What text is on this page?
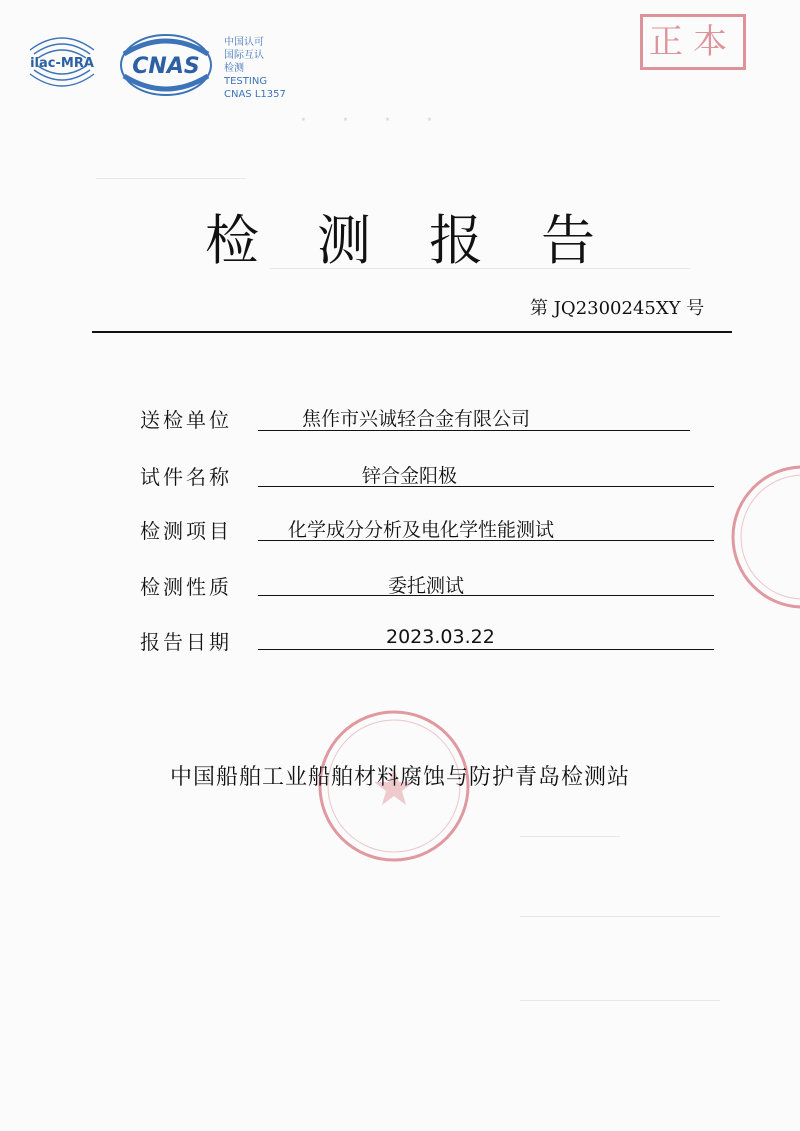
· · · ·
ilac-MRA CNAS
中国认可
国际互认
检测
TESTING
CNAS L1357
正本
检测报告
第 JQ2300245XY 号
送检单位	焦作市兴诚轻合金有限公司
试件名称	锌合金阳极
检测项目	化学成分分析及电化学性能测试
检测性质	委托测试
报告日期	2023.03.22
中国船舶工业船舶材料腐蚀与防护青岛检测站
